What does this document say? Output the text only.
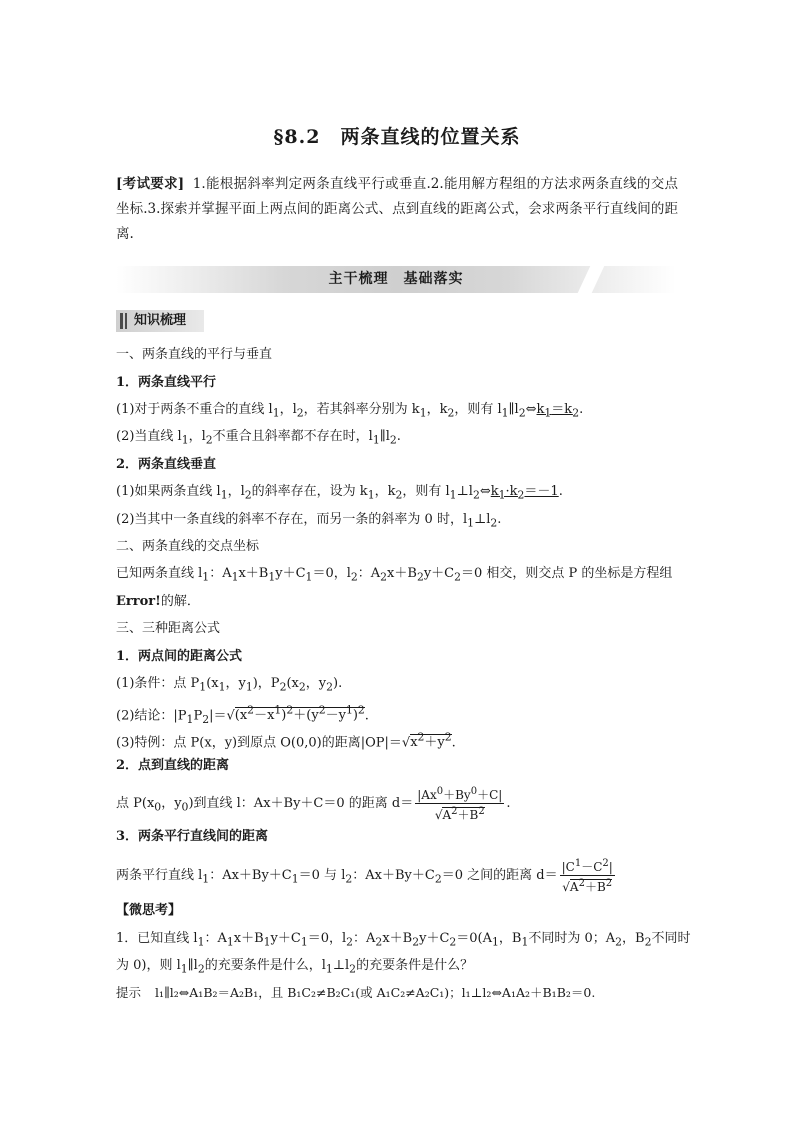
§8.2　两条直线的位置关系
[考试要求] 1.能根据斜率判定两条直线平行或垂直.2.能用解方程组的方法求两条直线的交点坐标.3.探索并掌握平面上两点间的距离公式、点到直线的距离公式，会求两条平行直线间的距离.
主干梳理　基础落实
知识梳理
一、两条直线的平行与垂直
1．两条直线平行
(1)对于两条不重合的直线 $l_1$，$l_2$，若其斜率分别为 $k_1$，$k_2$，则有 $l_1\parallel l_2\Leftrightarrow k_1=k_2$.
(2)当直线 $l_1$，$l_2$不重合且斜率都不存在时，$l_1\parallel l_2$.
2．两条直线垂直
(1)如果两条直线 $l_1$，$l_2$的斜率存在，设为 $k_1$，$k_2$，则有 $l_1\perp l_2\Leftrightarrow k_1\cdot k_2=-1$.
(2)当其中一条直线的斜率不存在，而另一条的斜率为 0 时，$l_1\perp l_2$.
二、两条直线的交点坐标
已知两条直线 $l_1$：$A_1x+B_1y+C_1=0$，$l_2$：$A_2x+B_2y+C_2=0$ 相交，则交点 P 的坐标是方程组
Error!的解．
三、三种距离公式
1．两点间的距离公式
(1)条件：点 $P_1(x_1$，$y_1$)，$P_2(x_2$，$y_2$).
(2)结论：$|P_1P_2|=√(x^2-x^1)^2+(y^2-y^1)^2$.
(3)特例：点 P(x，y)到原点 O(0,0)的距离$|OP|=√x^2+y^2$.
2．点到直线的距离
点 $P(x_0$，$y_0$)到直线 l：Ax＋By＋C＝0 的距离 $d= \frac{|Ax^0+By^0+C|}{√A^2+B^2}$ .
3．两条平行直线间的距离
两条平行直线 $l_1$：$Ax+By+C_1=0$ 与 $l_2$：$Ax+By+C_2=0$ 之间的距离 $d= \frac{|C^1-C^2|}{√A^2+B^2}$
【微思考】
1．已知直线 $l_1$：$A_1x+B_1y+C_1=0$，$l_2$：$A_2x+B_2y+C_2=0(A_1$，$B_1$不同时为 0；$A_2$，$B_2$不同时
为 0)，则 $l_1\parallel l_2$的充要条件是什么，$l_1\perp l_2$的充要条件是什么？
提示 l₁∥l₂⇔A₁B₂＝A₂B₁，且 B₁C₂≠B₂C₁(或 A₁C₂≠A₂C₁)；l₁⊥l₂⇔A₁A₂＋B₁B₂＝0.
